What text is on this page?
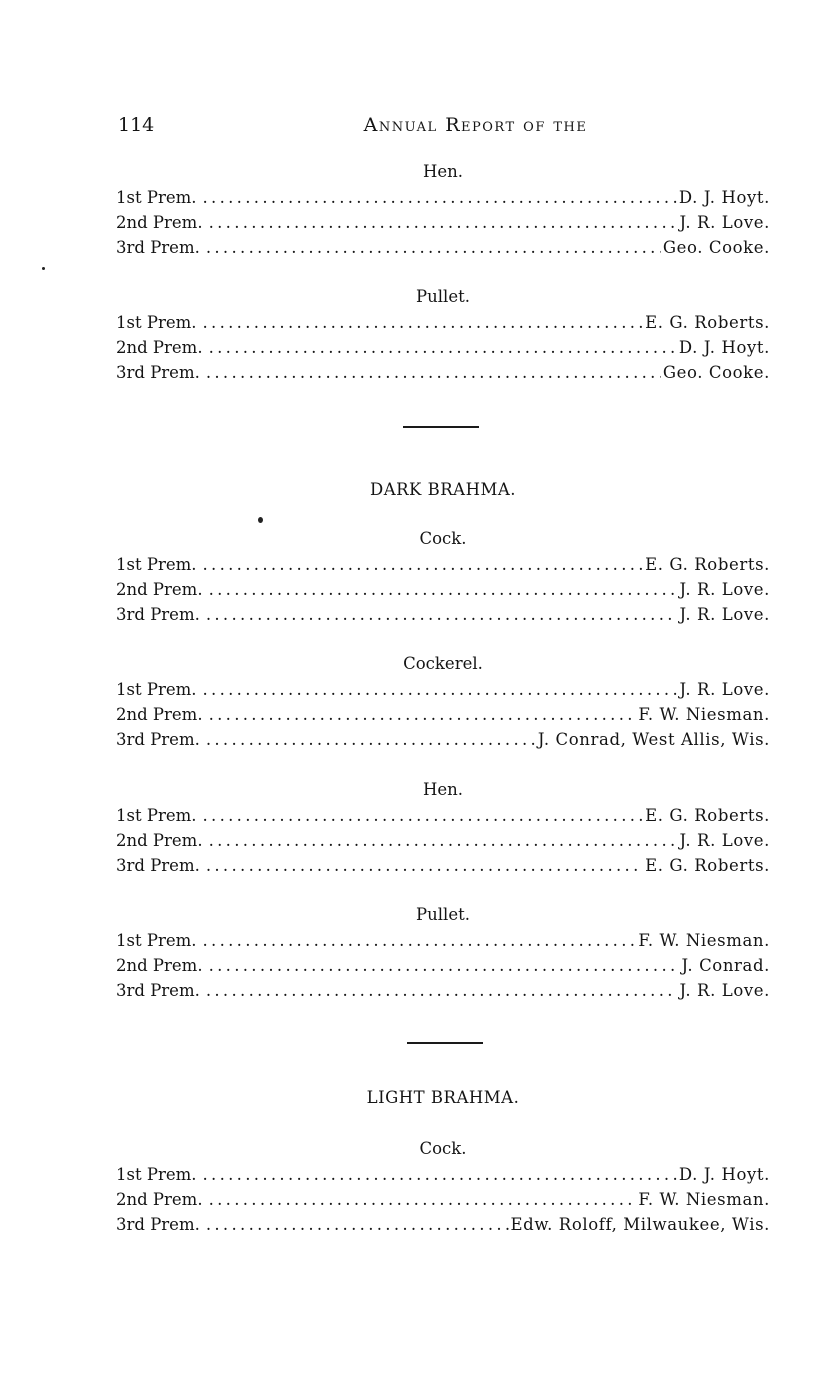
114	Annual Report of the
Hen.
1st Prem. .....	D. J. Hoyt.
2nd Prem. .....	J. R. Love.
3rd Prem. .....	Geo. Cooke.
Pullet.
1st Prem. .....	E. G. Roberts.
2nd Prem. .....	D. J. Hoyt.
3rd Prem. .....	Geo. Cooke.
DARK BRAHMA.
Cock.
1st Prem. .....	E. G. Roberts.
2nd Prem. .....	J. R. Love.
3rd Prem. .....	J. R. Love.
Cockerel.
1st Prem. .....	J. R. Love.
2nd Prem. .....	F. W. Niesman.
3rd Prem. .....	J. Conrad, West Allis, Wis.
Hen.
1st Prem. .....	E. G. Roberts.
2nd Prem. .....	J. R. Love.
3rd Prem. .....	E. G. Roberts.
Pullet.
1st Prem. .....	F. W. Niesman.
2nd Prem. .....	J. Conrad.
3rd Prem. .....	J. R. Love.
LIGHT BRAHMA.
Cock.
1st Prem. .....	D. J. Hoyt.
2nd Prem. .....	F. W. Niesman.
3rd Prem. .....	Edw. Roloff, Milwaukee, Wis.
